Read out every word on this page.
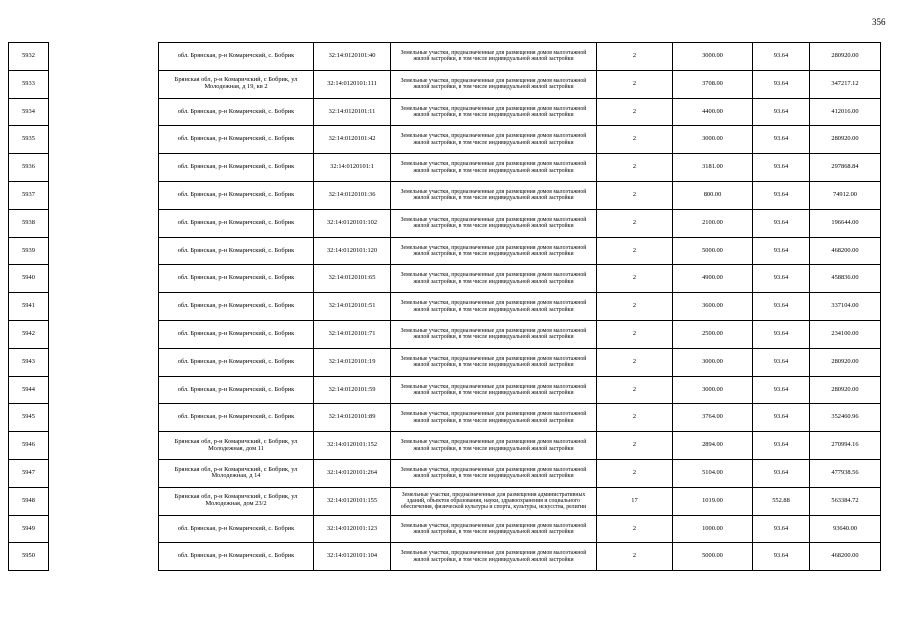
356
5932		обл. Брянская, р-н Комаричский, с. Бобрик	32:14:0120101:40	Земельные участки, предназначенные для размещения домов малоэтажной жилой застройки, в том числе индивидуальной жилой застройки	2	3000.00	93.64	280920.00
5933		Брянская обл, р-н Комаричский, с Бобрик, ул Молодежная, д 19, кв 2	32:14:0120101:111	Земельные участки, предназначенные для размещения домов малоэтажной жилой застройки, в том числе индивидуальной жилой застройки	2	3708.00	93.64	347217.12
5934		обл. Брянская, р-н Комаричский, с. Бобрик	32:14:0120101:11	Земельные участки, предназначенные для размещения домов малоэтажной жилой застройки, в том числе индивидуальной жилой застройки	2	4400.00	93.64	412016.00
5935		обл. Брянская, р-н Комаричский, с. Бобрик	32:14:0120101:42	Земельные участки, предназначенные для размещения домов малоэтажной жилой застройки, в том числе индивидуальной жилой застройки	2	3000.00	93.64	280920.00
5936		обл. Брянская, р-н Комаричский, с. Бобрик	32:14:0120101:1	Земельные участки, предназначенные для размещения домов малоэтажной жилой застройки, в том числе индивидуальной жилой застройки	2	3181.00	93.64	297868.84
5937		обл. Брянская, р-н Комаричский, с. Бобрик	32:14:0120101:36	Земельные участки, предназначенные для размещения домов малоэтажной жилой застройки, в том числе индивидуальной жилой застройки	2	800.00	93.64	74912.00
5938		обл. Брянская, р-н Комаричский, с. Бобрик	32:14:0120101:102	Земельные участки, предназначенные для размещения домов малоэтажной жилой застройки, в том числе индивидуальной жилой застройки	2	2100.00	93.64	196644.00
5939		обл. Брянская, р-н Комаричский, с. Бобрик	32:14:0120101:120	Земельные участки, предназначенные для размещения домов малоэтажной жилой застройки, в том числе индивидуальной жилой застройки	2	5000.00	93.64	468200.00
5940		обл. Брянская, р-н Комаричский, с. Бобрик	32:14:0120101:65	Земельные участки, предназначенные для размещения домов малоэтажной жилой застройки, в том числе индивидуальной жилой застройки	2	4900.00	93.64	458836.00
5941		обл. Брянская, р-н Комаричский, с. Бобрик	32:14:0120101:51	Земельные участки, предназначенные для размещения домов малоэтажной жилой застройки, в том числе индивидуальной жилой застройки	2	3600.00	93.64	337104.00
5942		обл. Брянская, р-н Комаричский, с. Бобрик	32:14:0120101:71	Земельные участки, предназначенные для размещения домов малоэтажной жилой застройки, в том числе индивидуальной жилой застройки	2	2500.00	93.64	234100.00
5943		обл. Брянская, р-н Комаричский, с. Бобрик	32:14:0120101:19	Земельные участки, предназначенные для размещения домов малоэтажной жилой застройки, в том числе индивидуальной жилой застройки	2	3000.00	93.64	280920.00
5944		обл. Брянская, р-н Комаричский, с. Бобрик	32:14:0120101:59	Земельные участки, предназначенные для размещения домов малоэтажной жилой застройки, в том числе индивидуальной жилой застройки	2	3000.00	93.64	280920.00
5945		обл. Брянская, р-н Комаричский, с. Бобрик	32:14:0120101:89	Земельные участки, предназначенные для размещения домов малоэтажной жилой застройки, в том числе индивидуальной жилой застройки	2	3764.00	93.64	352460.96
5946		Брянская обл, р-н Комаричский, с Бобрик, ул Молодежная, дом 11	32:14:0120101:152	Земельные участки, предназначенные для размещения домов малоэтажной жилой застройки, в том числе индивидуальной жилой застройки	2	2894.00	93.64	270994.16
5947		Брянская обл, р-н Комаричский, с Бобрик, ул Молодежная, д 14	32:14:0120101:264	Земельные участки, предназначенные для размещения домов малоэтажной жилой застройки, в том числе индивидуальной жилой застройки	2	5104.00	93.64	477938.56
5948		Брянская обл, р-н Комаричский, с Бобрик, ул Молодежная, дом 23/2	32:14:0120101:155	Земельные участки, предназначенные для размещения административных зданий, объектов образования, науки, здравоохранения и социального обеспечения, физической культуры и спорта, культуры, искусства, религии	17	1019.00	552.88	563384.72
5949		обл. Брянская, р-н Комаричский, с. Бобрик	32:14:0120101:123	Земельные участки, предназначенные для размещения домов малоэтажной жилой застройки, в том числе индивидуальной жилой застройки	2	1000.00	93.64	93640.00
5950		обл. Брянская, р-н Комаричский, с. Бобрик	32:14:0120101:104	Земельные участки, предназначенные для размещения домов малоэтажной жилой застройки, в том числе индивидуальной жилой застройки	2	5000.00	93.64	468200.00
